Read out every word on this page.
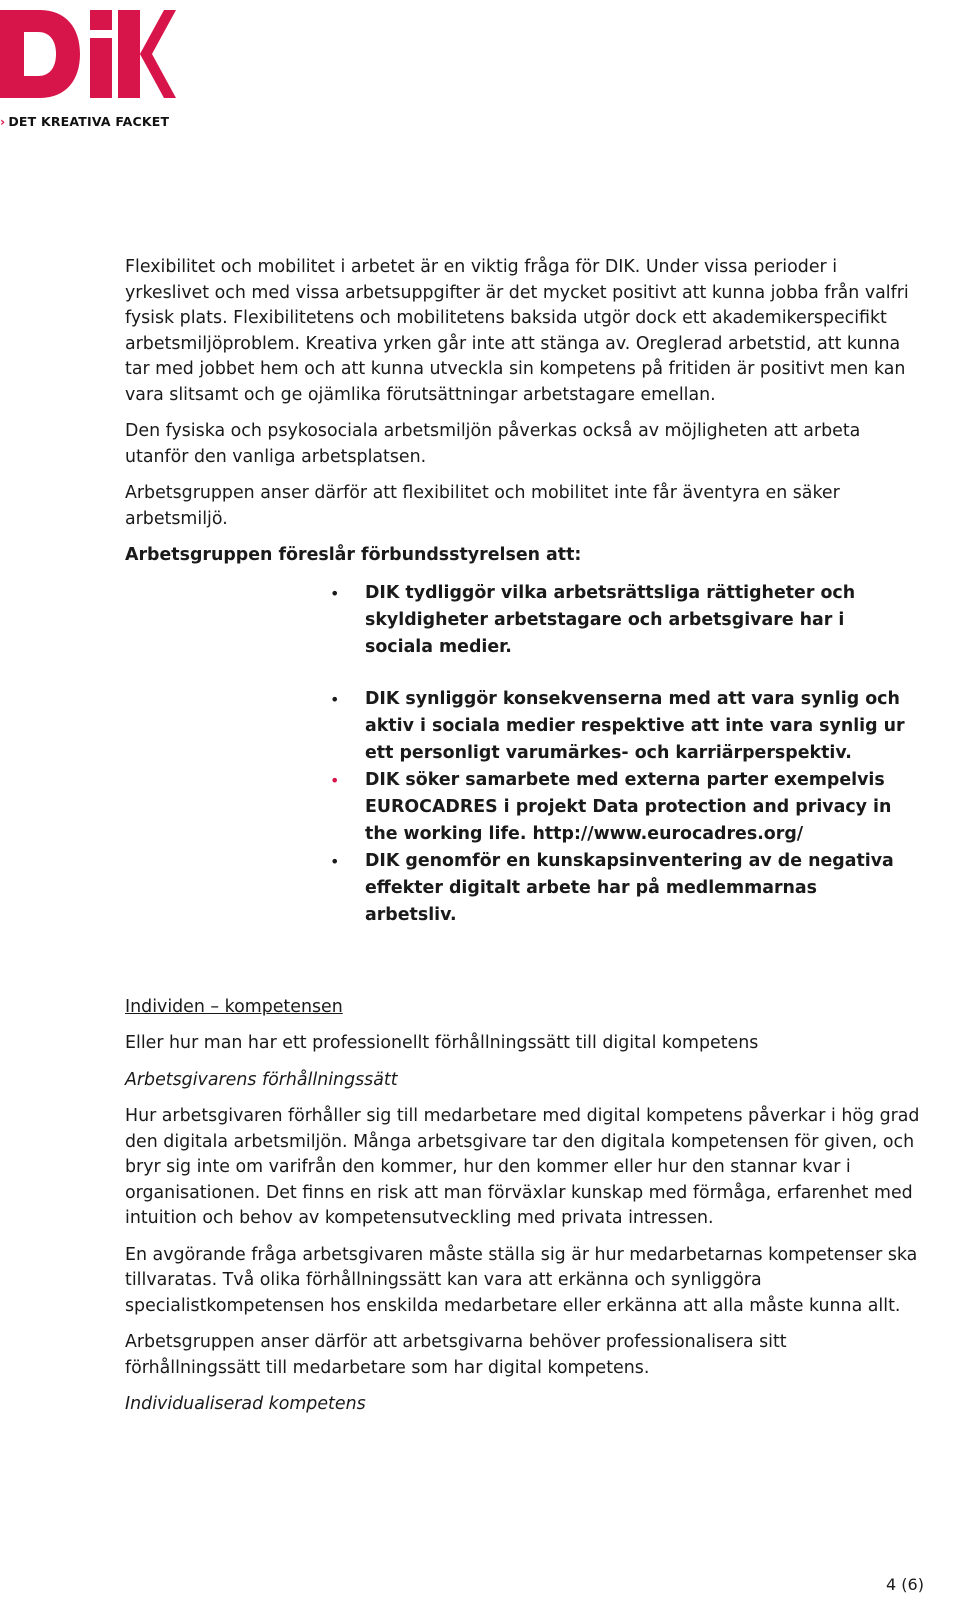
› DET KREATIVA FACKET

Flexibilitet och mobilitet i arbetet är en viktig fråga för DIK. Under vissa perioder i yrkeslivet och med vissa arbetsuppgifter är det mycket positivt att kunna jobba från valfri fysisk plats. Flexibilitetens och mobilitetens baksida utgör dock ett akademikerspecifikt arbetsmiljöproblem. Kreativa yrken går inte att stänga av. Oreglerad arbetstid, att kunna tar med jobbet hem och att kunna utveckla sin kompetens på fritiden är positivt men kan vara slitsamt och ge ojämlika förutsättningar arbetstagare emellan.

Den fysiska och psykosociala arbetsmiljön påverkas också av möjligheten att arbeta utanför den vanliga arbetsplatsen.

Arbetsgruppen anser därför att flexibilitet och mobilitet inte får äventyra en säker arbetsmiljö.

Arbetsgruppen föreslår förbundsstyrelsen att:

• DIK tydliggör vilka arbetsrättsliga rättigheter och skyldigheter arbetstagare och arbetsgivare har i sociala medier.
• DIK synliggör konsekvenserna med att vara synlig och aktiv i sociala medier respektive att inte vara synlig ur ett personligt varumärkes- och karriärperspektiv.
• DIK söker samarbete med externa parter exempelvis EUROCADRES i projekt Data protection and privacy in the working life. http://www.eurocadres.org/
• DIK genomför en kunskapsinventering av de negativa effekter digitalt arbete har på medlemmarnas arbetsliv.

Individen – kompetensen

Eller hur man har ett professionellt förhållningssätt till digital kompetens

Arbetsgivarens förhållningssätt

Hur arbetsgivaren förhåller sig till medarbetare med digital kompetens påverkar i hög grad den digitala arbetsmiljön. Många arbetsgivare tar den digitala kompetensen för given, och bryr sig inte om varifrån den kommer, hur den kommer eller hur den stannar kvar i organisationen. Det finns en risk att man förväxlar kunskap med förmåga, erfarenhet med intuition och behov av kompetensutveckling med privata intressen.

En avgörande fråga arbetsgivaren måste ställa sig är hur medarbetarnas kompetenser ska tillvaratas. Två olika förhållningssätt kan vara att erkänna och synliggöra specialistkompetensen hos enskilda medarbetare eller erkänna att alla måste kunna allt.

Arbetsgruppen anser därför att arbetsgivarna behöver professionalisera sitt förhållningssätt till medarbetare som har digital kompetens.

Individualiserad kompetens

4 (6)
